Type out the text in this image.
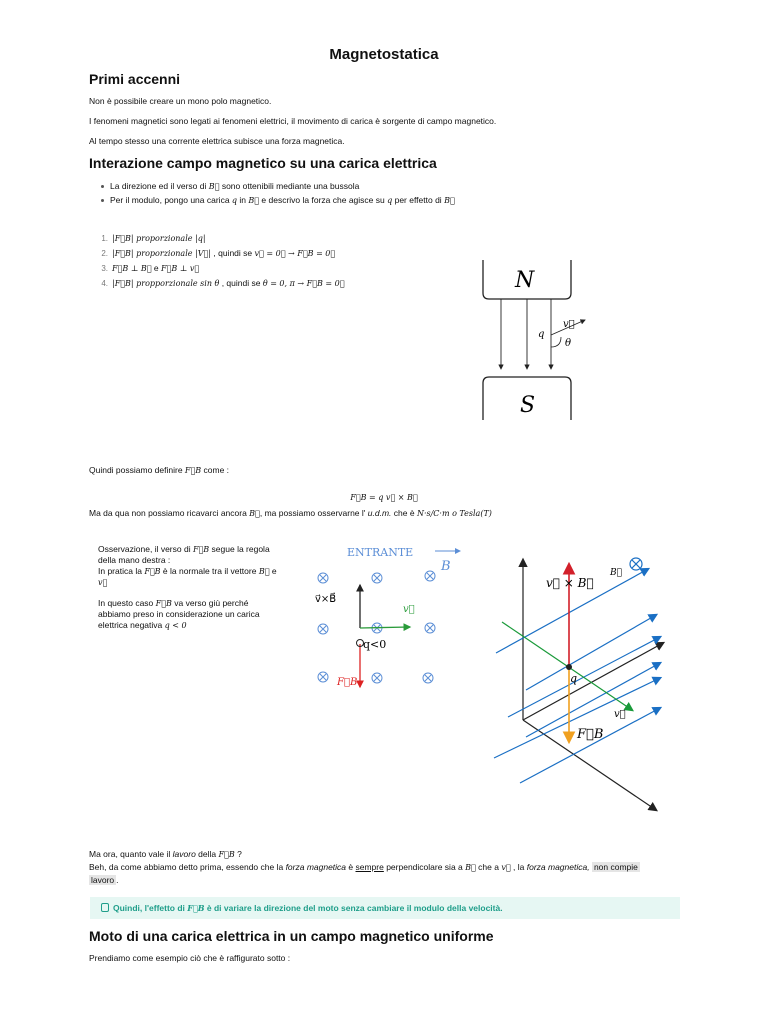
Magnetostatica
Primi accenni
Non è possibile creare un mono polo magnetico.
I fenomeni magnetici sono legati ai fenomeni elettrici, il movimento di carica è sorgente di campo magnetico.
Al tempo stesso una corrente elettrica subisce una forza magnetica.
Interazione campo magnetico su una carica elettrica
La direzione ed il verso di B⃗ sono ottenibili mediante una bussola
Per il modulo, pongo una carica q in B⃗ e descrivo la forza che agisce su q per effetto di B⃗
1. |F⃗B| proporzionale |q|
2. |F⃗B| proporzionale |V⃗| , quindi se v⃗ = 0⃗ → F⃗B = 0⃗
3. F⃗B ⊥ B⃗ e F⃗B ⊥ v⃗
4. |F⃗B| propporzionale sin θ , quindi se θ = 0, π → F⃗B = 0⃗	N
q
v⃗
θ
S
Quindi possiamo definire F⃗B come :
F⃗B = q v⃗ × B⃗
Ma da qua non possiamo ricavarci ancora B⃗, ma possiamo osservarne l' u.d.m. che è N·s/C·m o Tesla(T)
Osservazione, il verso di F⃗B segue la regola
della mano destra :
In pratica la F⃗B è la normale tra il vettore B⃗ e
v⃗
In questo caso F⃗B va verso giù perché
abbiamo preso in considerazione un carica
elettrica negativa q < 0
ENTRANTE
B
v⃗×B⃗
v⃗
q<0
F⃗B
v⃗ × B⃗
B⃗
q
F⃗B
v⃗
Ma ora, quanto vale il lavoro della F⃗B ?
Beh, da come abbiamo detto prima, essendo che la forza magnetica è sempre perpendicolare sia a B⃗ che a v⃗ , la forza magnetica, non compie
lavoro .
Quindi, l'effetto di F⃗B è di variare la direzione del moto senza cambiare il modulo della velocità.
Moto di una carica elettrica in un campo magnetico uniforme
Prendiamo come esempio ciò che è raffigurato sotto :
